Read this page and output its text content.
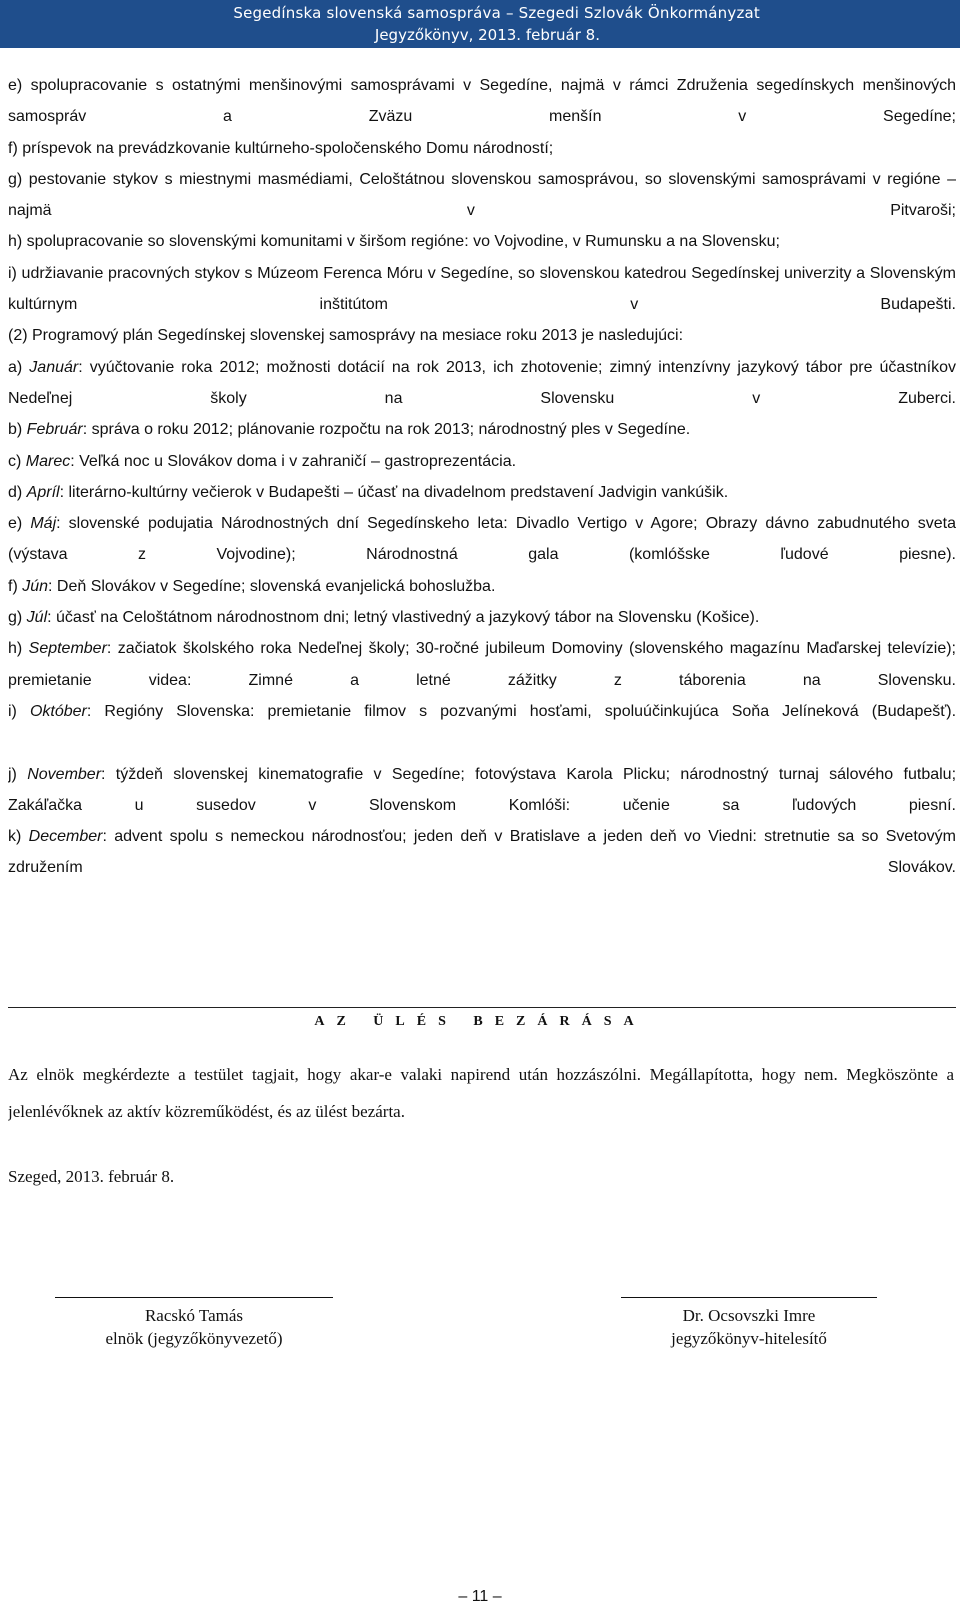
Segedínska slovenská samospráva – Szegedi Szlovák Önkormányzat
Jegyzőkönyv, 2013. február 8.

e) spolupracovanie s ostatnými menšinovými samosprávami v Segedíne, najmä v rámci Združenia segedínskych menšinových samospráv a Zväzu menšín v Segedíne;

f) príspevok na prevádzkovanie kultúrneho-spoločenského Domu národností;

g) pestovanie stykov s miestnymi masmédiami, Celoštátnou slovenskou samosprávou, so slovenskými samosprávami v regióne – najmä v Pitvaroši;

h) spolupracovanie so slovenskými komunitami v širšom regióne: vo Vojvodine, v Rumunsku a na Slovensku;

i) udržiavanie pracovných stykov s Múzeom Ferenca Móru v Segedíne, so slovenskou katedrou Segedínskej univerzity a Slovenským kultúrnym inštitútom v Budapešti.

(2) Programový plán Segedínskej slovenskej samosprávy na mesiace roku 2013 je nasledujúci:

a) Január: vyúčtovanie roka 2012; možnosti dotácií na rok 2013, ich zhotovenie; zimný intenzívny jazykový tábor pre účastníkov Nedeľnej školy na Slovensku v Zuberci.

b) Február: správa o roku 2012; plánovanie rozpočtu na rok 2013; národnostný ples v Segedíne.

c) Marec: Veľká noc u Slovákov doma i v zahraničí – gastroprezentácia.

d) Apríl: literárno-kultúrny večierok v Budapešti – účasť na divadelnom predstavení Jadvigin vankúšik.

e) Máj: slovenské podujatia Národnostných dní Segedínskeho leta: Divadlo Vertigo v Agore; Obrazy dávno zabudnutého sveta (výstava z Vojvodine); Národnostná gala (komlóšske ľudové piesne).

f) Jún: Deň Slovákov v Segedíne; slovenská evanjelická bohoslužba.

g) Júl: účasť na Celoštátnom národnostnom dni; letný vlastivedný a jazykový tábor na Slovensku (Košice).

h) September: začiatok školského roka Nedeľnej školy; 30-ročné jubileum Domoviny (slovenského magazínu Maďarskej televízie); premietanie videa: Zimné a letné zážitky z táborenia na Slovensku.

i) Október: Regióny Slovenska: premietanie filmov s pozvanými hosťami, spoluúčinkujúca Soňa Jelíneková (Budapešť).

j) November: týždeň slovenskej kinematografie v Segedíne; fotovýstava Karola Plicku; národnostný turnaj sálového futbalu; Zakáľačka u susedov v Slovenskom Komlóši: učenie sa ľudových piesní.

k) December: advent spolu s nemeckou národnosťou; jeden deň v Bratislave a jeden deň vo Viedni: stretnutie sa so Svetovým združením Slovákov.

AZ ÜLÉS BEZÁRÁSA

Az elnök megkérdezte a testület tagjait, hogy akar-e valaki napirend után hozzászólni. Megállapította, hogy nem. Megköszönte a jelenlévőknek az aktív közreműködést, és az ülést bezárta.

Szeged, 2013. február 8.
Racskó Tamás
elnök (jegyzőkönyvezető)
Dr. Ocsovszki Imre
jegyzőkönyv-hitelesítő
– 11 –
